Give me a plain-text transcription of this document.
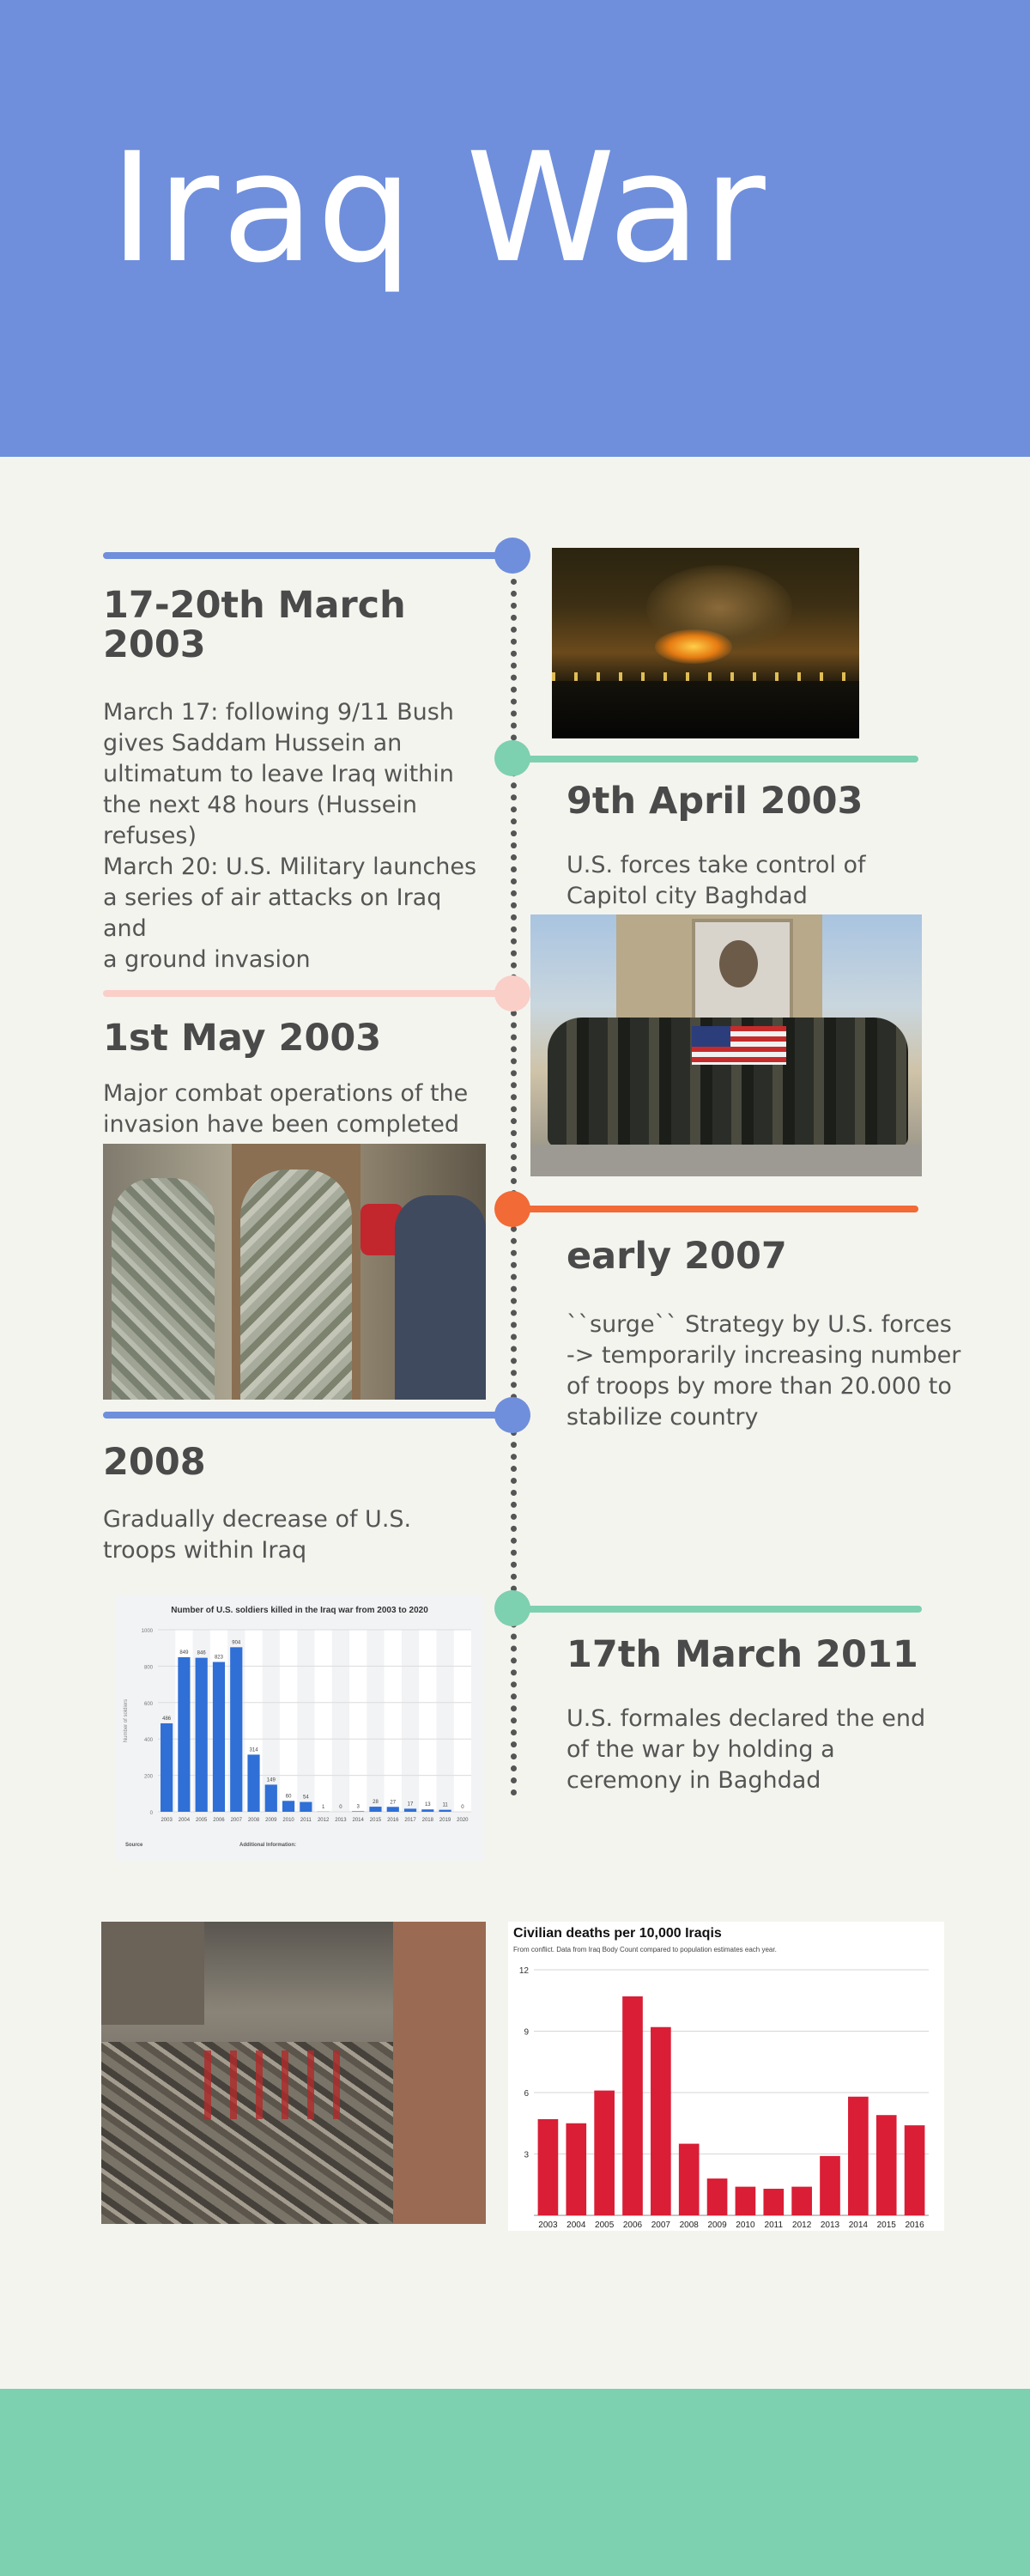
Iraq War
17-20th March
2003

March 17: following 9/11 Bush
gives Saddam Hussein an
ultimatum to leave Iraq within
the next 48 hours (Hussein
refuses)
March 20: U.S. Military launches
a series of air attacks on Iraq
and
a ground invasion

9th April 2003

U.S. forces take control of
Capitol city Baghdad

1st May 2003

Major combat operations of the
invasion have been completed

early 2007

``surge`` Strategy by U.S. forces
-> temporarily increasing number
of troops by more than 20.000 to
stabilize country

2008

Gradually decrease of U.S.
troops within Iraq

17th March 2011

U.S. formales declared the end
of the war by holding a
ceremony in Baghdad

Number of U.S. soldiers killed in the Iraq war from 2003 to 2020
0
200
400
600
800
1000
Number of soldiers	486
2003
849
2004
846
2005
823
2006
904
2007
314
2008
149
2009
60
2010
54
2011
1
2012
0
2013
3
2014
28
2015
27
2016
17
2017
13
2018
11
2019
0
2020
Source	Additional Information:
Civilian deaths per 10,000 Iraqis
From conflict. Data from Iraq Body Count compared to population estimates each year.
3
6
9
12
2003 2004 2005 2006 2007 2008 2009 2010 2011 2012 2013 2014 2015 2016
